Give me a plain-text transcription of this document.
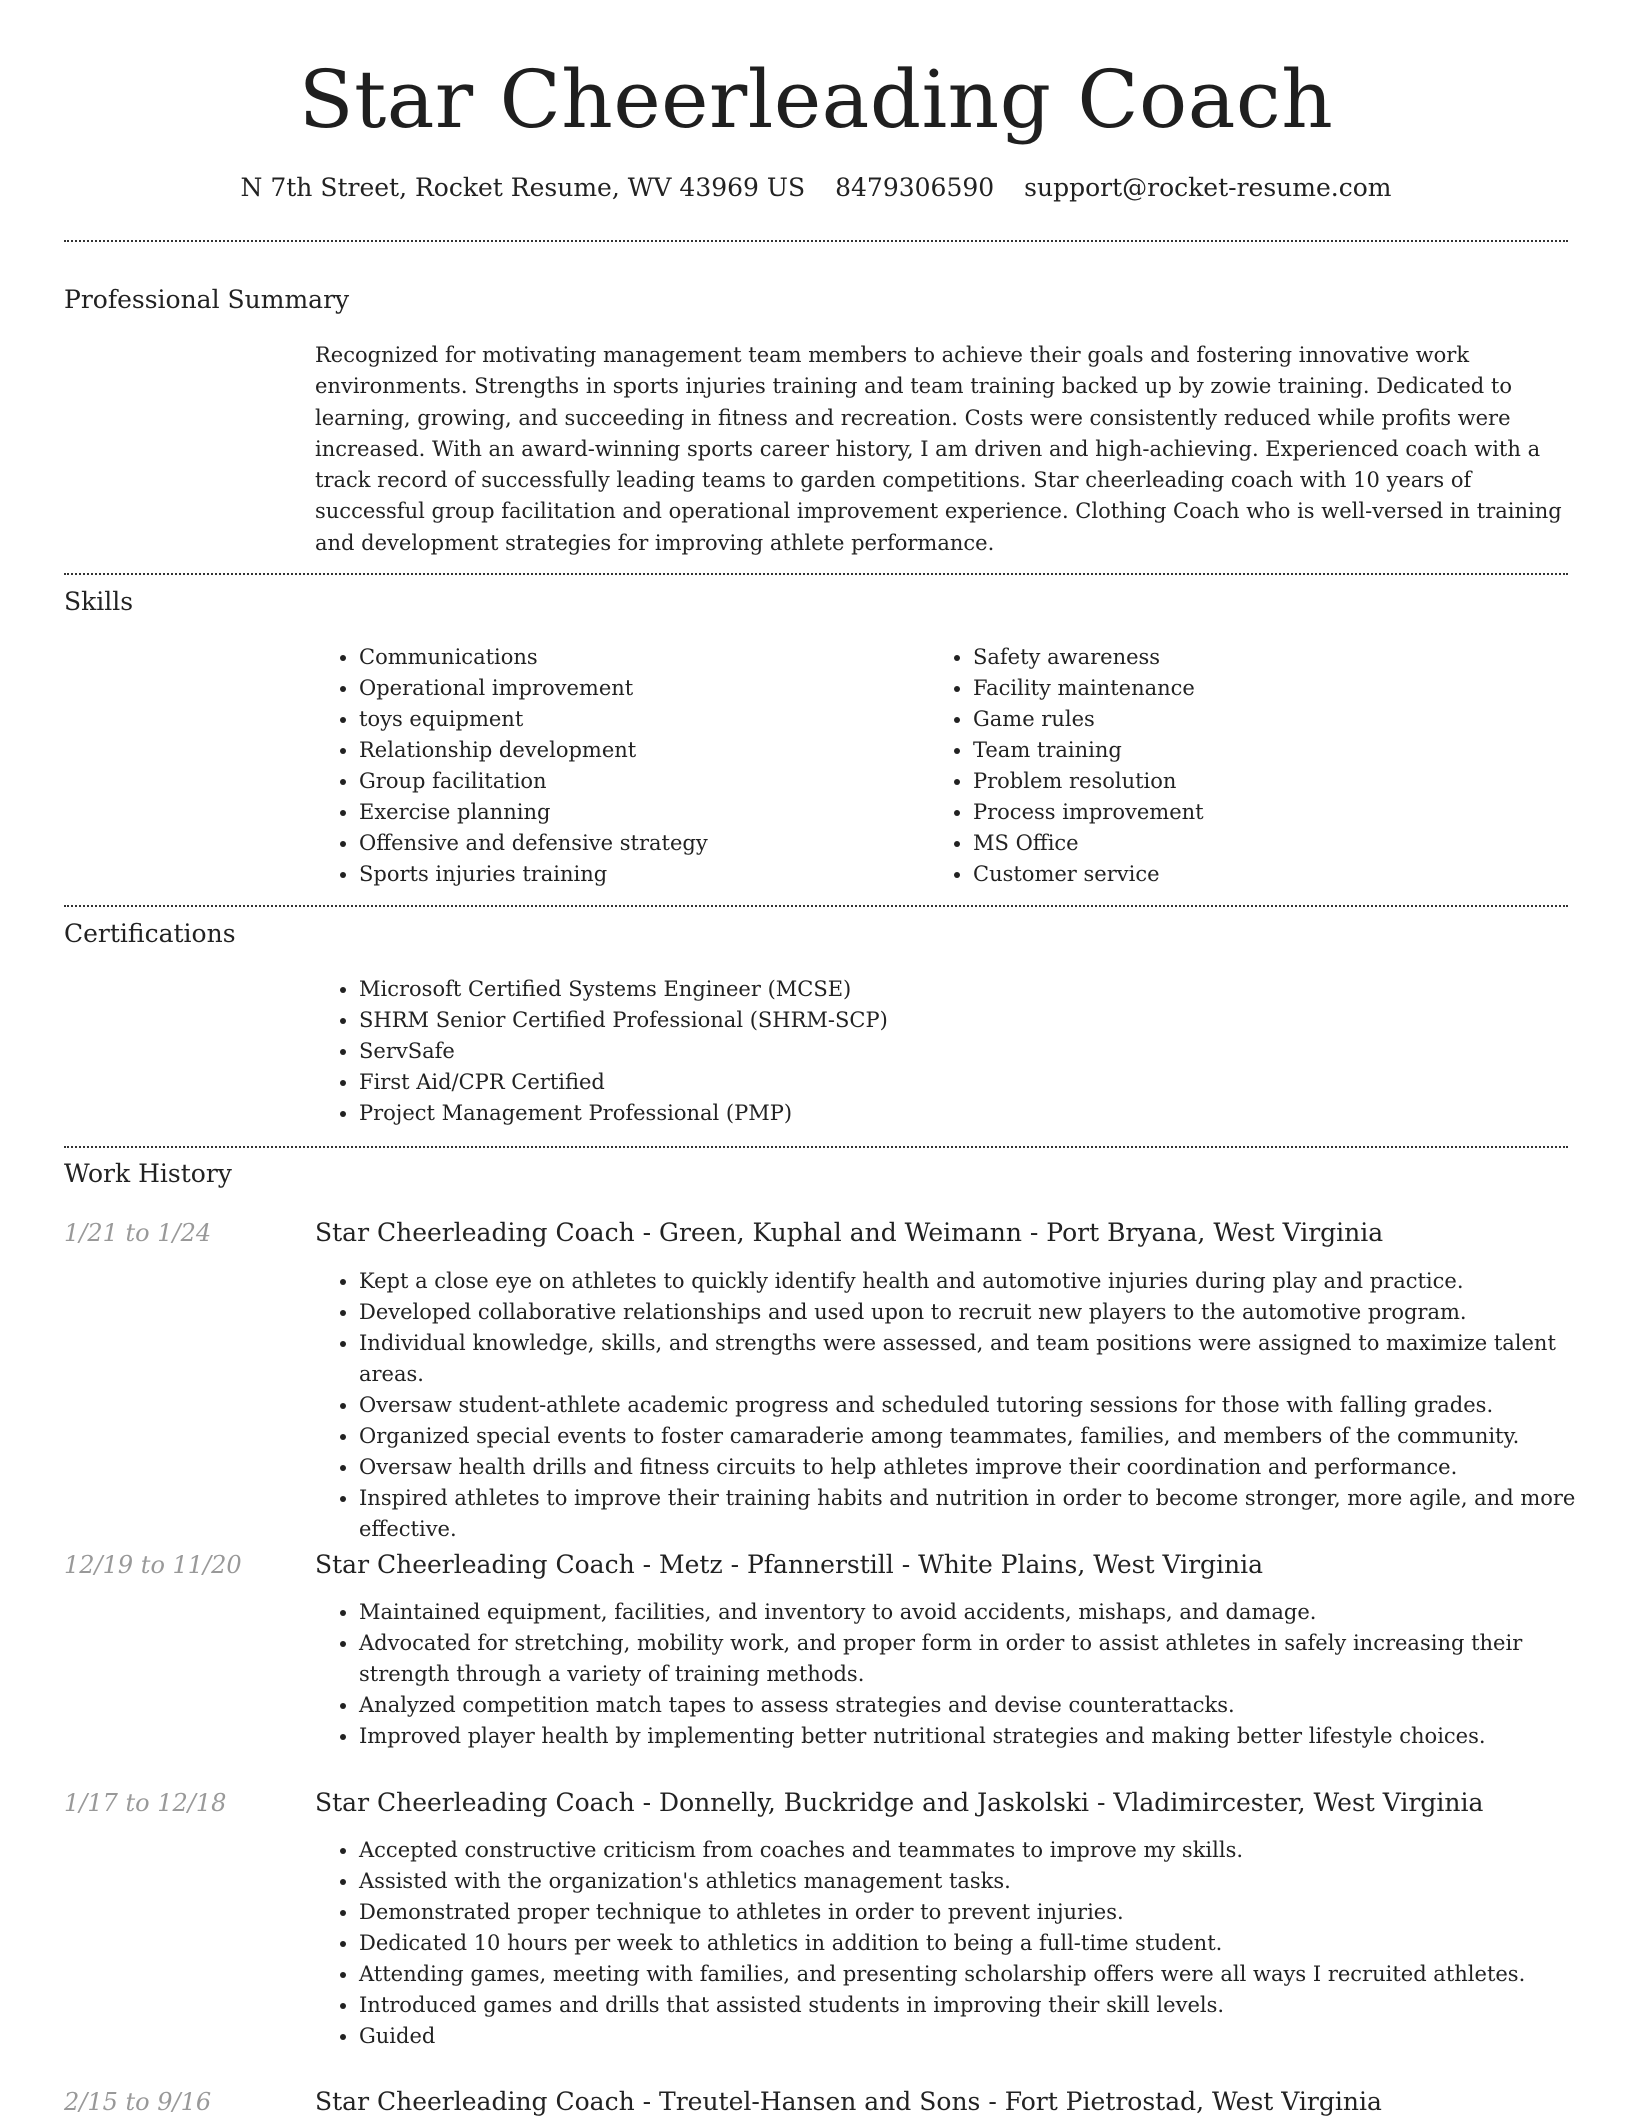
Star Cheerleading Coach
N 7th Street, Rocket Resume, WV 43969 US 8479306590 support@rocket-resume.com
Professional Summary
Recognized for motivating management team members to achieve their goals and fostering innovative work environments. Strengths in sports injuries training and team training backed up by zowie training. Dedicated to learning, growing, and succeeding in fitness and recreation. Costs were consistently reduced while profits were increased. With an award-winning sports career history, I am driven and high-achieving. Experienced coach with a track record of successfully leading teams to garden competitions. Star cheerleading coach with 10 years of successful group facilitation and operational improvement experience. Clothing Coach who is well-versed in training and development strategies for improving athlete performance.
Skills
• Communications
• Operational improvement
• toys equipment
• Relationship development
• Group facilitation
• Exercise planning
• Offensive and defensive strategy
• Sports injuries training
• Safety awareness
• Facility maintenance
• Game rules
• Team training
• Problem resolution
• Process improvement
• MS Office
• Customer service
Certifications
• Microsoft Certified Systems Engineer (MCSE)
• SHRM Senior Certified Professional (SHRM-SCP)
• ServSafe
• First Aid/CPR Certified
• Project Management Professional (PMP)
Work History
1/21 to 1/24	Star Cheerleading Coach - Green, Kuphal and Weimann - Port Bryana, West Virginia
• Kept a close eye on athletes to quickly identify health and automotive injuries during play and practice.
• Developed collaborative relationships and used upon to recruit new players to the automotive program.
• Individual knowledge, skills, and strengths were assessed, and team positions were assigned to maximize talent areas.
• Oversaw student-athlete academic progress and scheduled tutoring sessions for those with falling grades.
• Organized special events to foster camaraderie among teammates, families, and members of the community.
• Oversaw health drills and fitness circuits to help athletes improve their coordination and performance.
• Inspired athletes to improve their training habits and nutrition in order to become stronger, more agile, and more effective.
12/19 to 11/20	Star Cheerleading Coach - Metz - Pfannerstill - White Plains, West Virginia
• Maintained equipment, facilities, and inventory to avoid accidents, mishaps, and damage.
• Advocated for stretching, mobility work, and proper form in order to assist athletes in safely increasing their strength through a variety of training methods.
• Analyzed competition match tapes to assess strategies and devise counterattacks.
• Improved player health by implementing better nutritional strategies and making better lifestyle choices.
1/17 to 12/18	Star Cheerleading Coach - Donnelly, Buckridge and Jaskolski - Vladimircester, West Virginia
• Accepted constructive criticism from coaches and teammates to improve my skills.
• Assisted with the organization's athletics management tasks.
• Demonstrated proper technique to athletes in order to prevent injuries.
• Dedicated 10 hours per week to athletics in addition to being a full-time student.
• Attending games, meeting with families, and presenting scholarship offers were all ways I recruited athletes.
• Introduced games and drills that assisted students in improving their skill levels.
• Guided
2/15 to 9/16	Star Cheerleading Coach - Treutel-Hansen and Sons - Fort Pietrostad, West Virginia
